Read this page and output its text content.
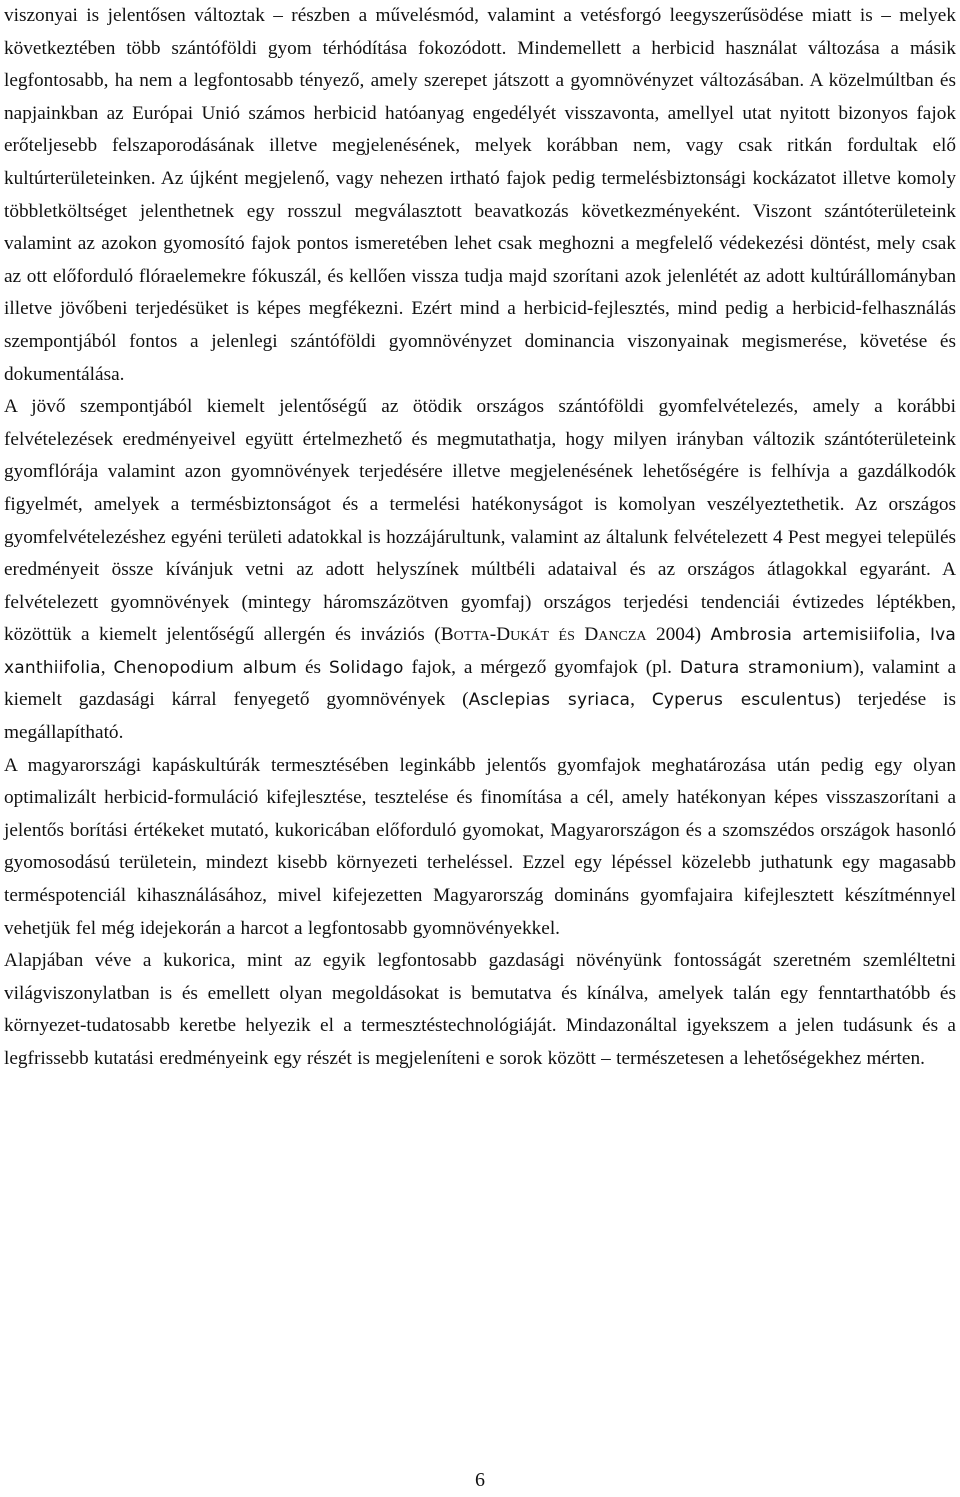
viszonyai is jelentősen változtak – részben a művelésmód, valamint a vetésforgó leegyszerűsödése miatt is – melyek következtében több szántóföldi gyom térhódítása fokozódott. Mindemellett a herbicid használat változása a másik legfontosabb, ha nem a legfontosabb tényező, amely szerepet játszott a gyomnövényzet változásában. A közelmúltban és napjainkban az Európai Unió számos herbicid hatóanyag engedélyét visszavonta, amellyel utat nyitott bizonyos fajok erőteljesebb felszaporodásának illetve megjelenésének, melyek korábban nem, vagy csak ritkán fordultak elő kultúrterületeinken. Az újként megjelenő, vagy nehezen irtható fajok pedig termelésbiztonsági kockázatot illetve komoly többletköltséget jelenthetnek egy rosszul megválasztott beavatkozás következményeként. Viszont szántóterületeink valamint az azokon gyomosító fajok pontos ismeretében lehet csak meghozni a megfelelő védekezési döntést, mely csak az ott előforduló flóraelemekre fókuszál, és kellően vissza tudja majd szorítani azok jelenlétét az adott kultúrállományban illetve jövőbeni terjedésüket is képes megfékezni. Ezért mind a herbicid-fejlesztés, mind pedig a herbicid-felhasználás szempontjából fontos a jelenlegi szántóföldi gyomnövényzet dominancia viszonyainak megismerése, követése és dokumentálása.

A jövő szempontjából kiemelt jelentőségű az ötödik országos szántóföldi gyomfelvételezés, amely a korábbi felvételezések eredményeivel együtt értelmezhető és megmutathatja, hogy milyen irányban változik szántóterületeink gyomflórája valamint azon gyomnövények terjedésére illetve megjelenésének lehetőségére is felhívja a gazdálkodók figyelmét, amelyek a termésbiztonságot és a termelési hatékonyságot is komolyan veszélyeztethetik. Az országos gyomfelvételezéshez egyéni területi adatokkal is hozzájárultunk, valamint az általunk felvételezett 4 Pest megyei település eredményeit össze kívánjuk vetni az adott helyszínek múltbéli adataival és az országos átlagokkal egyaránt. A felvételezett gyomnövények (mintegy háromszázötven gyomfaj) országos terjedési tendenciái évtizedes léptékben, közöttük a kiemelt jelentőségű allergén és inváziós (Botta-Dukát és Dancza 2004) Ambrosia artemisiifolia, Iva xanthiifolia, Chenopodium album és Solidago fajok, a mérgező gyomfajok (pl. Datura stramonium), valamint a kiemelt gazdasági kárral fenyegető gyomnövények (Asclepias syriaca, Cyperus esculentus) terjedése is megállapítható.

A magyarországi kapáskultúrák termesztésében leginkább jelentős gyomfajok meghatározása után pedig egy olyan optimalizált herbicid-formuláció kifejlesztése, tesztelése és finomítása a cél, amely hatékonyan képes visszaszorítani a jelentős borítási értékeket mutató, kukoricában előforduló gyomokat, Magyarországon és a szomszédos országok hasonló gyomosodású területein, mindezt kisebb környezeti terheléssel. Ezzel egy lépéssel közelebb juthatunk egy magasabb terméspotenciál kihasználásához, mivel kifejezetten Magyarország domináns gyomfajaira kifejlesztett készítménnyel vehetjük fel még idejekorán a harcot a legfontosabb gyomnövényekkel.

Alapjában véve a kukorica, mint az egyik legfontosabb gazdasági növényünk fontosságát szeretném szemléltetni világviszonylatban is és emellett olyan megoldásokat is bemutatva és kínálva, amelyek talán egy fenntarthatóbb és környezet-tudatosabb keretbe helyezik el a termesztéstechnológiáját. Mindazonáltal igyekszem a jelen tudásunk és a legfrissebb kutatási eredményeink egy részét is megjeleníteni e sorok között – természetesen a lehetőségekhez mérten.

6
